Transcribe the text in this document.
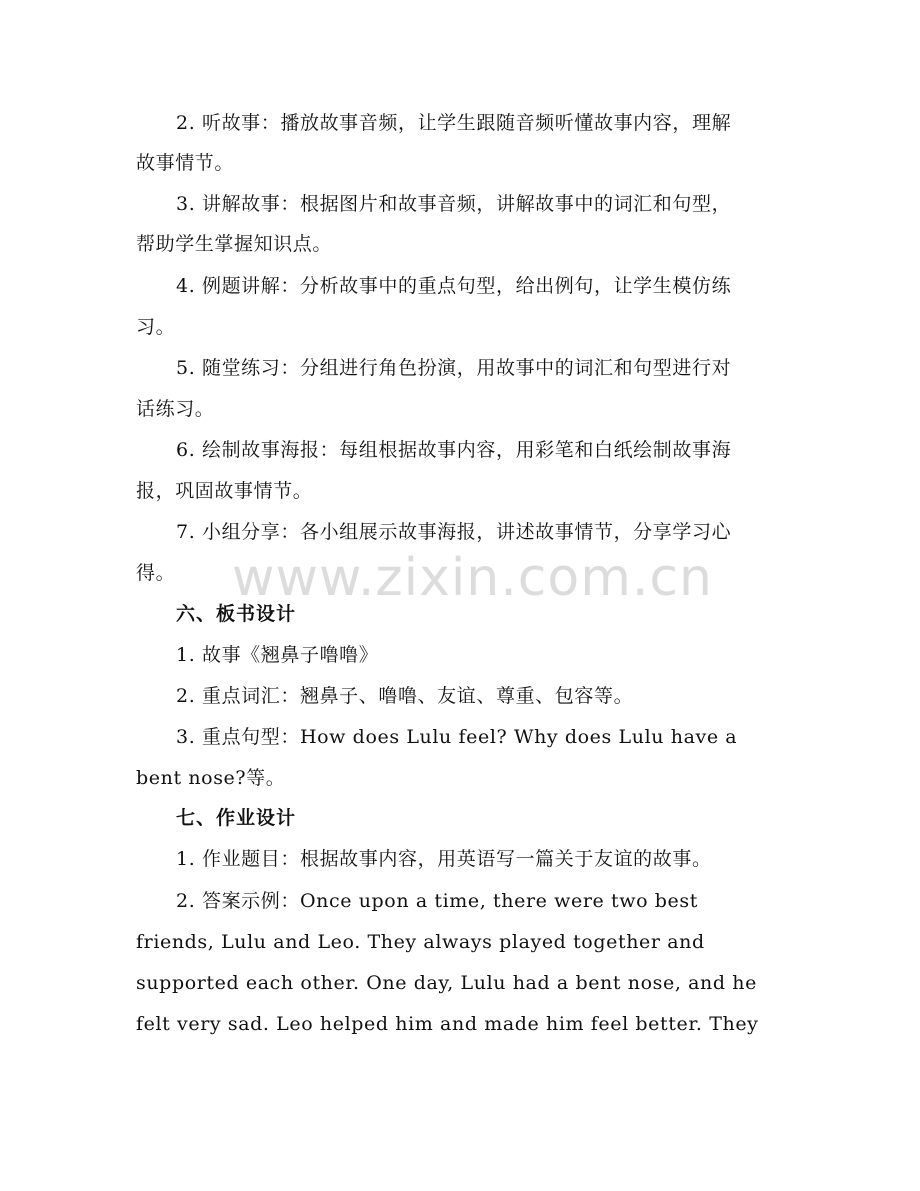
2. 听故事：播放故事音频，让学生跟随音频听懂故事内容，理解
故事情节。
3. 讲解故事：根据图片和故事音频，讲解故事中的词汇和句型，
帮助学生掌握知识点。
4. 例题讲解：分析故事中的重点句型，给出例句，让学生模仿练
习。
5. 随堂练习：分组进行角色扮演，用故事中的词汇和句型进行对
话练习。
6. 绘制故事海报：每组根据故事内容，用彩笔和白纸绘制故事海
报，巩固故事情节。
7. 小组分享：各小组展示故事海报，讲述故事情节，分享学习心
得。
六、板书设计
1. 故事《翘鼻子噜噜》
2. 重点词汇：翘鼻子、噜噜、友谊、尊重、包容等。
3. 重点句型：How does Lulu feel? Why does Lulu have a
bent nose?等。
七、作业设计
1. 作业题目：根据故事内容，用英语写一篇关于友谊的故事。
2. 答案示例：Once upon a time, there were two best
friends, Lulu and Leo. They always played together and
supported each other. One day, Lulu had a bent nose, and he
felt very sad. Leo helped him and made him feel better. They
www.zixin.com.cn
